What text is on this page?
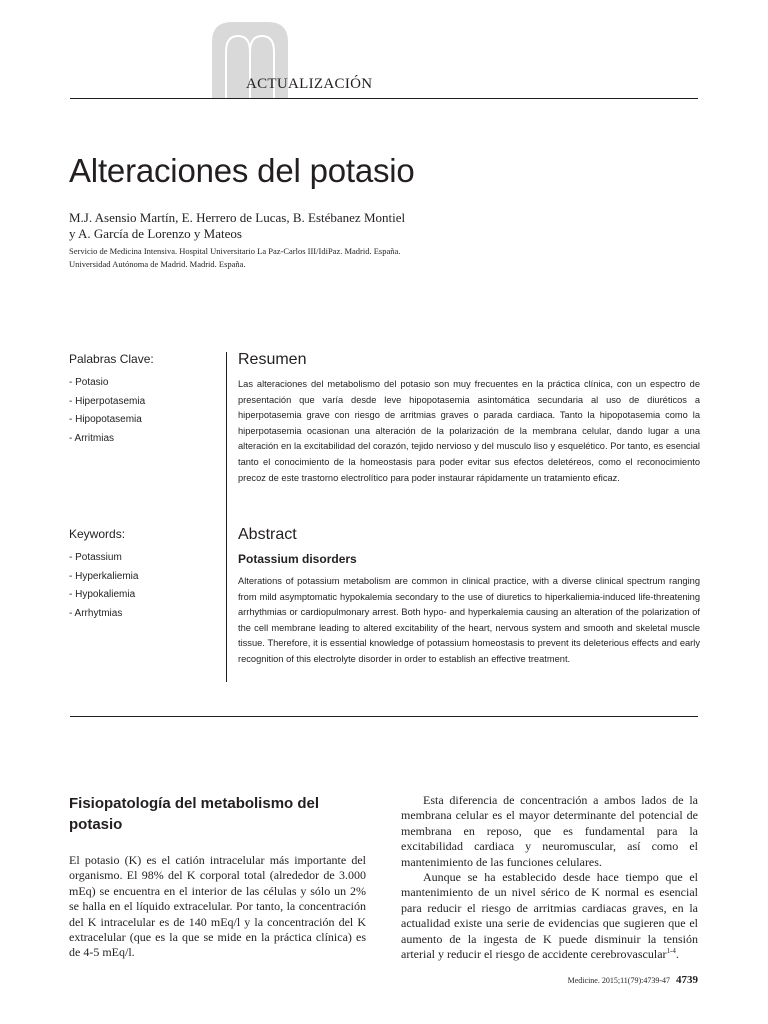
ACTUALIZACIÓN
Alteraciones del potasio
M.J. Asensio Martín, E. Herrero de Lucas, B. Estébanez Montiel
y A. García de Lorenzo y Mateos
Servicio de Medicina Intensiva. Hospital Universitario La Paz-Carlos III/IdiPaz. Madrid. España.
Universidad Autónoma de Madrid. Madrid. España.
Palabras Clave:
- Potasio
- Hiperpotasemia
- Hipopotasemia
- Arritmias
Keywords:
- Potassium
- Hyperkaliemia
- Hypokaliemia
- Arrhytmias
Resumen

Las alteraciones del metabolismo del potasio son muy frecuentes en la práctica clínica, con un espectro de presentación que varía desde leve hipopotasemia asintomática secundaria al uso de diuréticos a hiperpotasemia grave con riesgo de arritmias graves o parada cardiaca. Tanto la hipopotasemia como la hiperpotasemia ocasionan una alteración de la polarización de la membrana celular, dando lugar a una alteración en la excitabilidad del corazón, tejido nervioso y del musculo liso y esquelético. Por tanto, es esencial tanto el conocimiento de la homeostasis para poder evitar sus efectos deletéreos, como el reconocimiento precoz de este trastorno electrolítico para poder instaurar rápidamente un tratamiento eficaz.

Abstract
Potassium disorders

Alterations of potassium metabolism are common in clinical practice, with a diverse clinical spectrum ranging from mild asymptomatic hypokalemia secondary to the use of diuretics to hiperkaliemia-induced life-threatening arrhythmias or cardiopulmonary arrest. Both hypo- and hyperkalemia causing an alteration of the polarization of the cell membrane leading to altered excitability of the heart, nervous system and smooth and skeletal muscle tissue. Therefore, it is essential knowledge of potassium homeostasis to prevent its deleterious effects and early recognition of this electrolyte disorder in order to establish an effective treatment.

Fisiopatología del metabolismo del potasio

El potasio (K) es el catión intracelular más importante del organismo. El 98% del K corporal total (alrededor de 3.000 mEq) se encuentra en el interior de las células y sólo un 2% se halla en el líquido extracelular. Por tanto, la concentración del K intracelular es de 140 mEq/l y la concentración del K extracelular (que es la que se mide en la práctica clínica) es de 4-5 mEq/l.

Esta diferencia de concentración a ambos lados de la membrana celular es el mayor determinante del potencial de membrana en reposo, que es fundamental para la excitabilidad cardiaca y neuromuscular, así como el mantenimiento de las funciones celulares.

Aunque se ha establecido desde hace tiempo que el mantenimiento de un nivel sérico de K normal es esencial para reducir el riesgo de arritmias cardiacas graves, en la actualidad existe una serie de evidencias que sugieren que el aumento de la ingesta de K puede disminuir la tensión arterial y reducir el riesgo de accidente cerebrovascular$^{1-4}$.

Medicine. 2015;11(79):4739-47 4739
